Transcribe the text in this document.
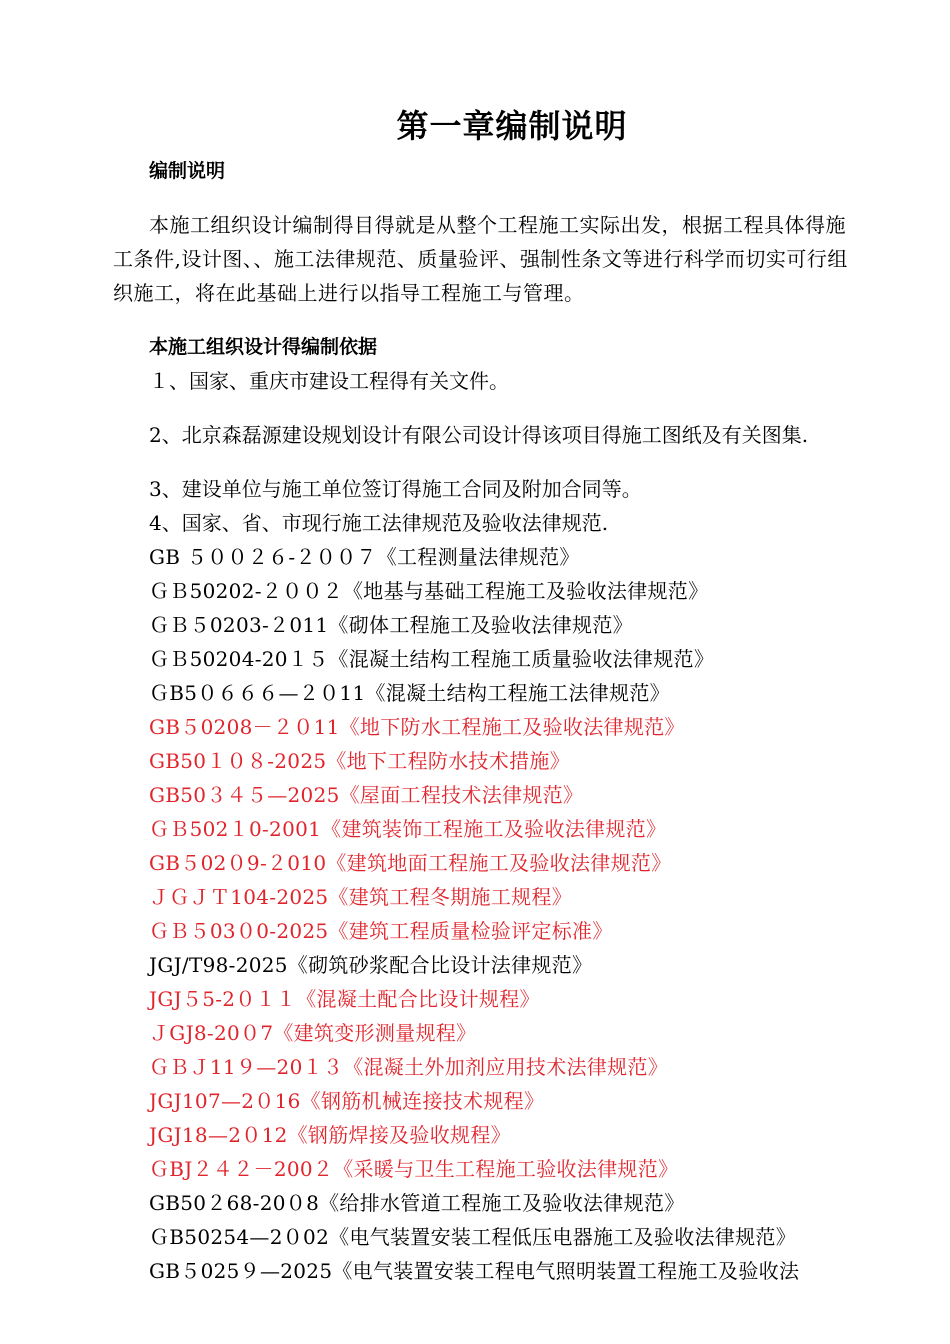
第一章编制说明

编制说明

本施工组织设计编制得目得就是从整个工程施工实际出发，根据工程具体得施工条件,设计图、、施工法律规范、质量验评、强制性条文等进行科学而切实可行组织施工，将在此基础上进行以指导工程施工与管理。

本施工组织设计得编制依据

１、国家、重庆市建设工程得有关文件。

2、北京森磊源建设规划设计有限公司设计得该项目得施工图纸及有关图集.

3、建设单位与施工单位签订得施工合同及附加合同等。

4、国家、省、市现行施工法律规范及验收法律规范.

GB ５００２６-２００７《工程测量法律规范》

ＧＢ50202-２００２《地基与基础工程施工及验收法律规范》

ＧＢ５0203-２011《砌体工程施工及验收法律规范》

ＧＢ50204-20１５《混凝土结构工程施工质量验收法律规范》

ＧB5０６６６—２０11《混凝土结构工程施工法律规范》

GB５0208－２０11《地下防水工程施工及验收法律规范》

GB50１０８-2025《地下工程防水技术措施》

GB50３４５—2025《屋面工程技术法律规范》

ＧＢ502１0-2001《建筑装饰工程施工及验收法律规范》

GB５02０9-２010《建筑地面工程施工及验收法律规范》

ＪＧＪＴ104-2025《建筑工程冬期施工规程》

ＧＢ５03０0-2025《建筑工程质量检验评定标准》

JGJ/T98-2025《砌筑砂浆配合比设计法律规范》

JGJ５5-2０１１《混凝土配合比设计规程》

ＪGJ8-20０7《建筑变形测量规程》

ＧＢＪ11９—20１３《混凝土外加剂应用技术法律规范》

JGJ107—2０16《钢筋机械连接技术规程》

JGJ18—2０12《钢筋焊接及验收规程》

ＧBJ２４２－200２《采暖与卫生工程施工验收法律规范》

GB50２68-20０8《给排水管道工程施工及验收法律规范》

ＧB50254—2０02《电气装置安装工程低压电器施工及验收法律规范》

GB５025９—2025《电气装置安装工程电气照明装置工程施工及验收法
